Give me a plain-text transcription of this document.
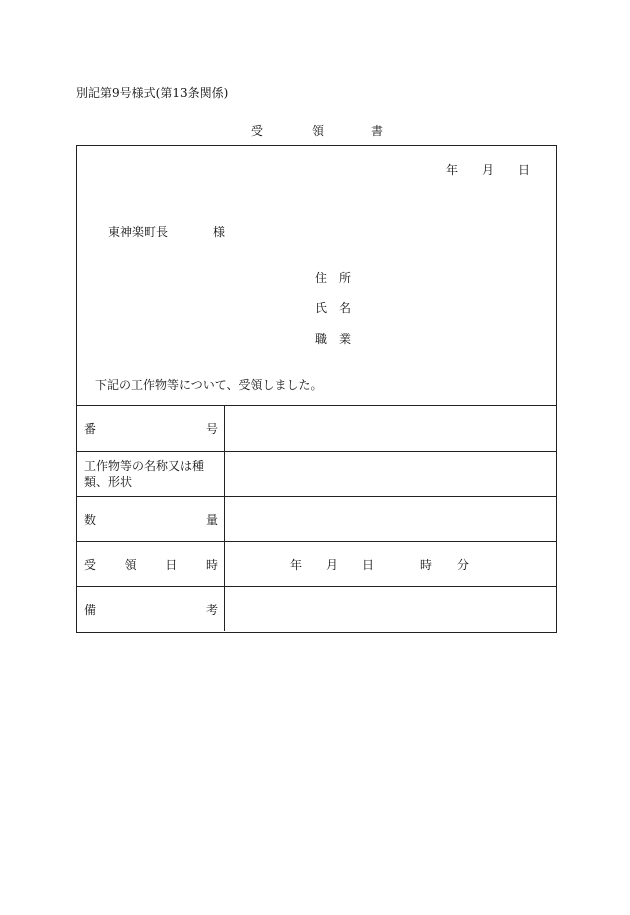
別記第9号様式(第13条関係)
受	領	書
年 月 日
東神楽町長	様
住 所
氏 名
職 業
下記の工作物等について、受領しました。
番	号
工作物等の名称又は種類、形状
数	量
受 領 日 時	年 月 日	時 分
備	考
